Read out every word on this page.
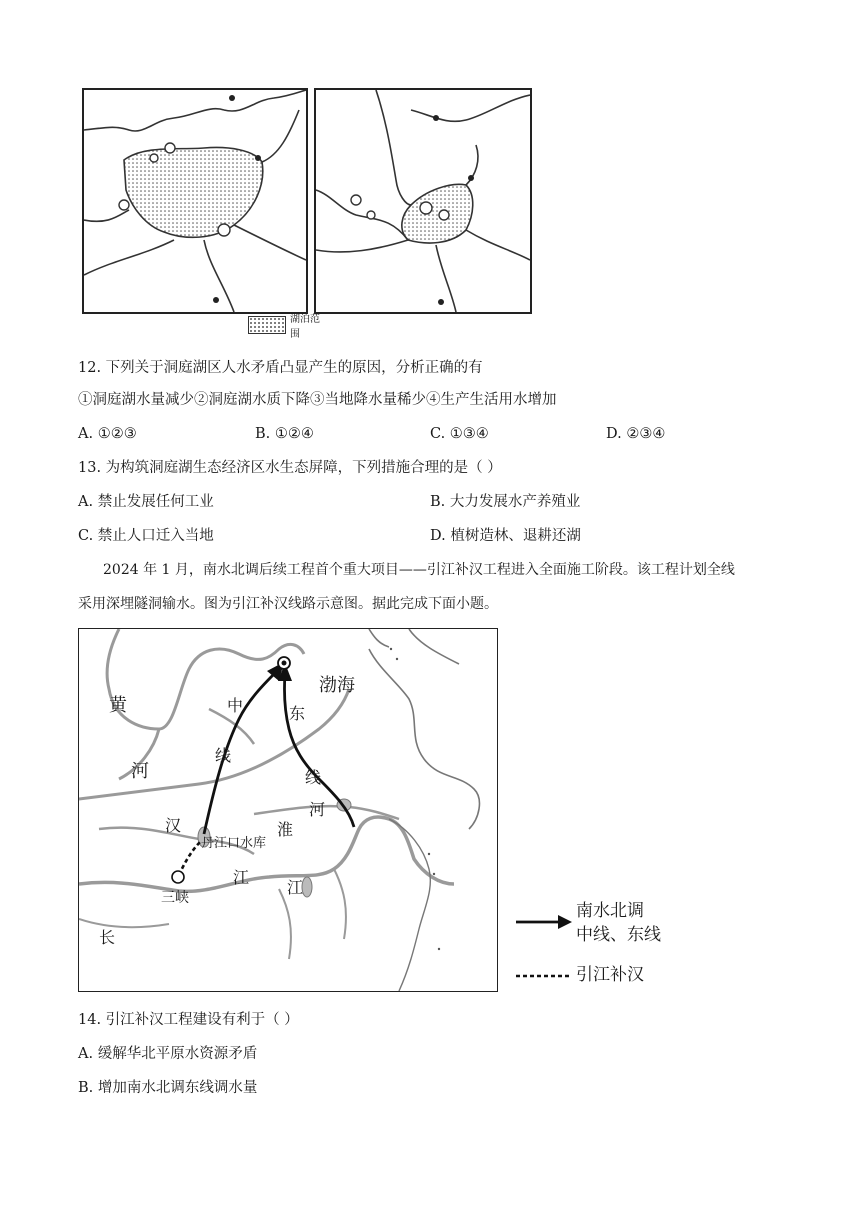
湖泊范围
12. 下列关于洞庭湖区人水矛盾凸显产生的原因，分析正确的有
①洞庭湖水量减少②洞庭湖水质下降③当地降水量稀少④生产生活用水增加
A. ①②③	B. ①②④	C. ①③④	D. ②③④
13. 为构筑洞庭湖生态经济区水生态屏障，下列措施合理的是（ ）
A. 禁止发展任何工业	B. 大力发展水产养殖业
C. 禁止人口迁入当地	D. 植树造林、退耕还湖
2024 年 1 月，南水北调后续工程首个重大项目——引江补汉工程进入全面施工阶段。该工程计划全线
采用深埋隧洞输水。图为引江补汉线路示意图。据此完成下面小题。
黄
河
中
线
东
线
渤海
汉	淮
河
丹江口水库
三峡
江
江
长
南水北调
中线、东线
引江补汉
14. 引江补汉工程建设有利于（ ）
A. 缓解华北平原水资源矛盾
B. 增加南水北调东线调水量
